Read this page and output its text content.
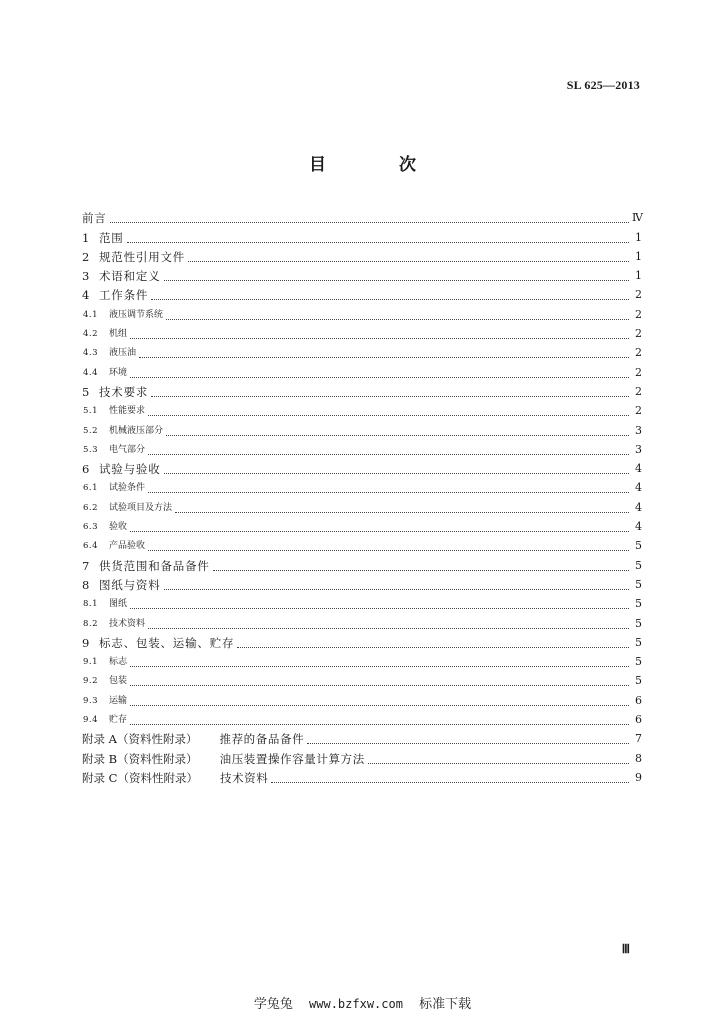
SL 625—2013
目　次
前言	Ⅳ
1 范围	1
2 规范性引用文件	1
3 术语和定义	1
4 工作条件	2
4.1 液压调节系统	2
4.2 机组	2
4.3 液压油	2
4.4 环境	2
5 技术要求	2
5.1 性能要求	2
5.2 机械液压部分	3
5.3 电气部分	3
6 试验与验收	4
6.1 试验条件	4
6.2 试验项目及方法	4
6.3 验收	4
6.4 产品验收	5
7 供货范围和备品备件	5
8 图纸与资料	5
8.1 图纸	5
8.2 技术资料	5
9 标志、包装、运输、贮存	5
9.1 标志	5
9.2 包装	5
9.3 运输	6
9.4 贮存	6
附录 A（资料性附录） 推荐的备品备件	7
附录 B（资料性附录） 油压装置操作容量计算方法	8
附录 C（资料性附录） 技术资料	9
Ⅲ
学兔兔 www.bzfxw.com 标准下载
